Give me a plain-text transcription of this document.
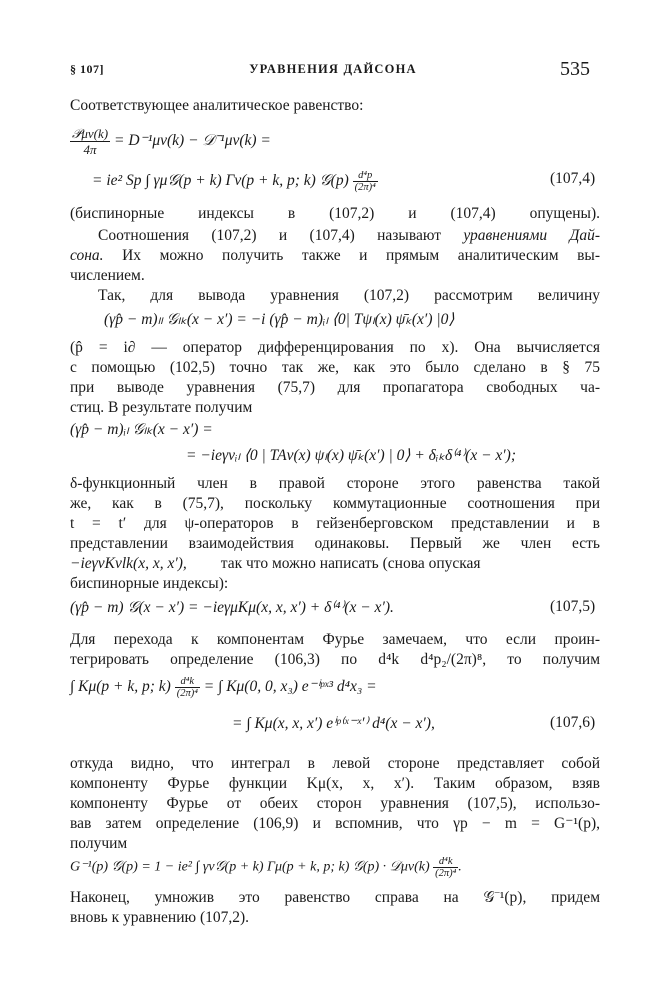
§ 107]	УРАВНЕНИЯ ДАЙСОНА	535
Соответствующее аналитическое равенство:
$\frac{\text{𝒫μν(k)}}{4\pi} = D^{-1}\mu\nu(k)$ − 𝒟⁻¹μν(k) =
= ie² Sp ∫ γμ𝒢(p + k) Γν(p + k, p; k) 𝒢(p) $\frac{\text{d⁴p}}{\text{(2π)⁴}}$	(107,4)
(биспинорные индексы в (107,2) и (107,4) опущены).
Соотношения (107,2) и (107,4) называют уравнениями Дай-
сона. Их можно получить также и прямым аналитическим вы-
числением.
Так, для вывода уравнения (107,2) рассмотрим величину
(γp̂ − m)ₗₗ 𝒢ₗₖ(x − x′) = −i (γp̂ − m)ᵢₗ ⟨0| Tψₗ(x) ψ̄ₖ(x′) |0⟩
(p̂ = i∂ — оператор дифференцирования по x). Она вычисляется
с помощью (102,5) точно так же, как это было сделано в § 75
при выводе уравнения (75,7) для пропагатора свободных ча-
стиц. В результате получим
(γp̂ − m)ᵢₗ 𝒢ₗₖ(x − x′) =
= −ieγνᵢₗ ⟨0 | TAν(x) ψₗ(x) ψ̄ₖ(x′) | 0⟩ + δᵢₖδ⁽⁴⁾(x − x′);
δ-функционный член в правой стороне этого равенства такой
же, как в (75,7), поскольку коммутационные соотношения при
t = t′ для ψ-операторов в гейзенберговском представлении и в
представлении взаимодействия одинаковы. Первый же член есть
−ieγνKνlk(x, x, x′), так что можно написать (снова опуская
биспинорные индексы):
(γp̂ − m) 𝒢(x − x′) = −ieγμKμ(x, x, x′) + δ⁽⁴⁾(x − x′).	(107,5)
Для перехода к компонентам Фурье замечаем, что если проин-
тегрировать определение (106,3) по d⁴k d⁴p₂/(2π)⁸, то получим
∫ Kμ(p + k, p; $k) \frac{\text{d⁴k}}{\text{(2π)⁴}}$ = ∫ Kμ(0, 0, x₃) e⁻ⁱᵖˣ³ d⁴x₃ =
= ∫ Kμ(x, x, x′) eⁱᵖ⁽ˣ⁻ˣ′⁾ d⁴(x − x′),	(107,6)
откуда видно, что интеграл в левой стороне представляет собой
компоненту Фурье функции Kμ(x, x, x′). Таким образом, взяв
компоненту Фурье от обеих сторон уравнения (107,5), использо-
вав затем определение (106,9) и вспомнив, что γp − m = G⁻¹(p),
получим
G⁻¹(p) 𝒢(p) = 1 − ie² ∫ γν𝒢(p + k) Γμ(p + k, p; k) 𝒢(p) · 𝒟μν(k) $\frac{\text{d⁴k}}{\text{(2π)⁴}}$ .
Наконец, умножив это равенство справа на 𝒢⁻¹(p), придем
вновь к уравнению (107,2).
